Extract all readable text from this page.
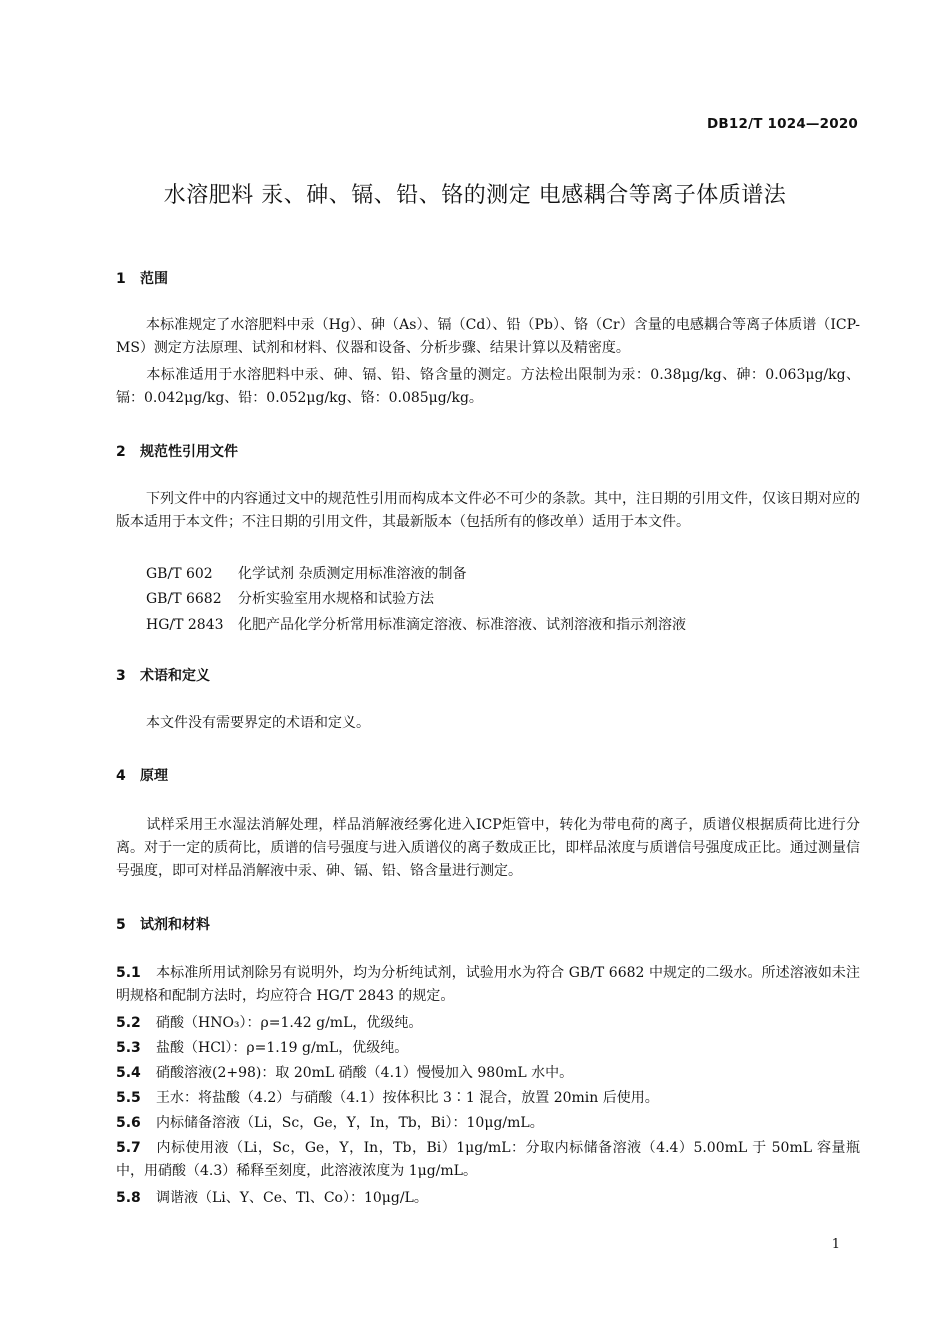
DB12/T 1024—2020
水溶肥料 汞、砷、镉、铅、铬的测定 电感耦合等离子体质谱法
1 范围
本标准规定了水溶肥料中汞（Hg）、砷（As）、镉（Cd）、铅（Pb）、铬（Cr）含量的电感耦合等离子体质谱（ICP-MS）测定方法原理、试剂和材料、仪器和设备、分析步骤、结果计算以及精密度。
本标准适用于水溶肥料中汞、砷、镉、铅、铬含量的测定。方法检出限制为汞：0.38μg/kg、砷：0.063μg/kg、镉：0.042μg/kg、铅：0.052μg/kg、铬：0.085μg/kg。
2 规范性引用文件
下列文件中的内容通过文中的规范性引用而构成本文件必不可少的条款。其中，注日期的引用文件，仅该日期对应的版本适用于本文件；不注日期的引用文件，其最新版本（包括所有的修改单）适用于本文件。
GB/T 602 化学试剂 杂质测定用标准溶液的制备
GB/T 6682 分析实验室用水规格和试验方法
HG/T 2843 化肥产品化学分析常用标准滴定溶液、标准溶液、试剂溶液和指示剂溶液
3 术语和定义
本文件没有需要界定的术语和定义。
4 原理
试样采用王水湿法消解处理，样品消解液经雾化进入ICP炬管中，转化为带电荷的离子，质谱仪根据质荷比进行分离。对于一定的质荷比，质谱的信号强度与进入质谱仪的离子数成正比，即样品浓度与质谱信号强度成正比。通过测量信号强度，即可对样品消解液中汞、砷、镉、铅、铬含量进行测定。
5 试剂和材料
5.1 本标准所用试剂除另有说明外，均为分析纯试剂，试验用水为符合 GB/T 6682 中规定的二级水。所述溶液如未注明规格和配制方法时，均应符合 HG/T 2843 的规定。
5.2 硝酸（HNO₃）：ρ=1.42 g/mL，优级纯。
5.3 盐酸（HCl）：ρ=1.19 g/mL，优级纯。
5.4 硝酸溶液(2+98)：取 20mL 硝酸（4.1）慢慢加入 980mL 水中。
5.5 王水：将盐酸（4.2）与硝酸（4.1）按体积比 3∶1 混合，放置 20min 后使用。
5.6 内标储备溶液（Li，Sc，Ge，Y，In，Tb，Bi）：10μg/mL。
5.7 内标使用液（Li，Sc，Ge，Y，In，Tb，Bi）1μg/mL：分取内标储备溶液（4.4）5.00mL 于 50mL 容量瓶中，用硝酸（4.3）稀释至刻度，此溶液浓度为 1μg/mL。
5.8 调谐液（Li、Y、Ce、Tl、Co）：10μg/L。
1
